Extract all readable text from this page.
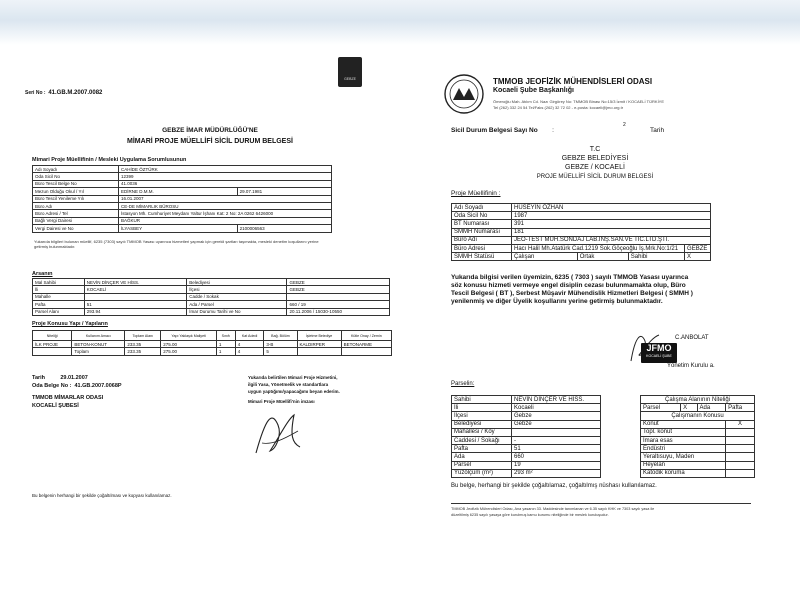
Seri No : 41.GB.M.2007.0082
GEBZE
GEBZE İMAR MÜDÜRLÜĞÜ'NE
MİMARİ PROJE MÜELLİFİ SİCİL DURUM BELGESİ
Mimari Proje Müellifinin / Mesleki Uygulama Sorumlusunun
Adı Soyadı	CAHİDE ÖZTÜRK	
Oda Sicil No	12399	
Büro Tescil Belge No	41.0036	
Mezun Olduğu Okul / Yıl	EDİRNE D.M.M.	29.07.1981
Büro Tescil Yenileme Yılı	16.01.2007	
Büro Adı	CE-DE MİMARLIK BÜROSU	
Büro Adresi / Tel	İstasyon Mh. Cumhuriyet Meydanı Yaltur İşhanı Kat: 2 No: 2A 0262 6426000	
Bağlı Vergi Dairesi	BAĞKUR	
Vergi Dairesi ve No	İLYASBEY	2100006563
Yukarıda bilgileri bulunan müellif, 6235 (7303) sayılı TMMOB Yasası uyarınca hizmetleri yapmak için gerekli şartları taşımakta, mesleki denetim koşullarını yerine getirmiş bulunmaktadır.
Arsanın
Mal Sahibi	NEVİN DİNÇER VE HİSS.	Belediyesi	GEBZE
İli	KOCAELİ	İlçesi	GEBZE
Mahalle		Cadde / Sokak	
Pafta	51	Ada / Parsel	660 / 19
Parsel Alanı	293.94	İmar Durumu Tarihi ve No	20.11.2006 / 15030-10550
Proje Konusu Yapı / Yapıların
Niteliği	Kullanım Amacı	Toplam Alanı	Yapı Yaklaşık Maliyeti	Sınıfı	Kat Adedi	Bağ. Bölüm	İşletme Belediye	Kütle Onay / Zemin
İLK PROJE	BETON-KONUT	233.35	275.00	1	4	3-B	KALDIRPER	BETONARME
	Toplam	233.35	275.00	1	4	5		
Tarih	29.01.2007
Oda Belge No :  41.GB.2007.0068P
TMMOB MİMARLAR ODASI
KOCAELİ ŞUBESİ
Yukarıda belirtilen Mimari Proje Hizmetini,
ilgili Yasa, Yönetmelik ve standartlara
uygun yaptığımı/yapacağımı beyan ederim.
Mimari Proje Müellifi'nin imzası
Bu belgenin herhangi bir şekilde çoğaltılması ve kopyası kullanılamaz.
TMMOB JEOFİZİK MÜHENDİSLERİ ODASI
Kocaeli Şube Başkanlığı
Ömeroğlu Mah. Atılım Cd. Nazı Girgörey No: TMMOB Binası No:15/3 İzmit / KOCAELİ TÜRKİYE
Tel (262) 332 24 54 Tel/Faks (262) 32 72 02 - e-posta: kocaeli@jmo.org.tr
Sicil Durum Belgesi Sayı No :
2
Tarih
T.C
GEBZE BELEDİYESİ
GEBZE / KOCAELİ
PROJE MÜELLİFİ SİCİL DURUM BELGESİ
Proje Müellifinin :
Adı Soyadı	HÜSEYİN ÖZHAN			
Oda Sicil No	1987			
BT Numarası	391			
SMMH Numarası	181			
Büro Adı	JEO-TEST MÜH.SONDAJ LAB.İNŞ.SAN.VE TİC.LTD.ŞTİ.			
Büro Adresi	Hacı Halil Mh.Atatürk Cad.1219 Sok.Göçeoğlu İş.Mrk.No:1/21			GEBZE
SMMH Statüsü	Çalışan	Ortak	Sahibi	X
Yukarıda bilgisi verilen üyemizin, 6235 ( 7303 ) sayılı TMMOB Yasası uyarınca
söz konusu hizmeti vermeye engel disiplin cezası bulunmamakta olup, Büro
Tescil Belgesi ( BT ), Serbest Müşavir Mühendislik Hizmetleri Belgesi ( SMMH )
yenilenmiş ve diğer Üyelik koşullarını yerine getirmiş bulunmaktadır.
C.ANBOLAT
Yönetim Kurulu a.
JFMO
KOCAELİ ŞUBE
Parselin:
Sahibi	NEVİN DİNÇER VE HİSS.
İli	Kocaeli
İlçesi	Gebze
Belediyesi	Gebze
Mahallesi / Köy	
Caddesi / Sokağı	-
Pafta	51
Ada	660
Parsel	19
Yüzölçüm (m²)	293 m²
Çalışma Alanının Niteliği			
Parsel	X	Ada	Pafta
Çalışmanın Konusu			
Konut			X
Topl. konut			
İmara esas			
Endüstri			
Yeraltısuyu, Maden			
Heyelan			
Katodik koruma			
Bu belge, herhangi bir şekilde çoğaltılamaz, çoğaltılmış nüshası kullanılamaz.
TMMOB Jeofizik Mühendisleri Odası, Ana yasanın 33. Maddesinde tanımlanan ve 6.35 sayılı KHK ve 7303 sayılı yasa ile
düzeltilmiş 6235 sayılı yasaya göre kurulmuş kamu kurumu niteliğinde bir meslek kuruluşudur.
